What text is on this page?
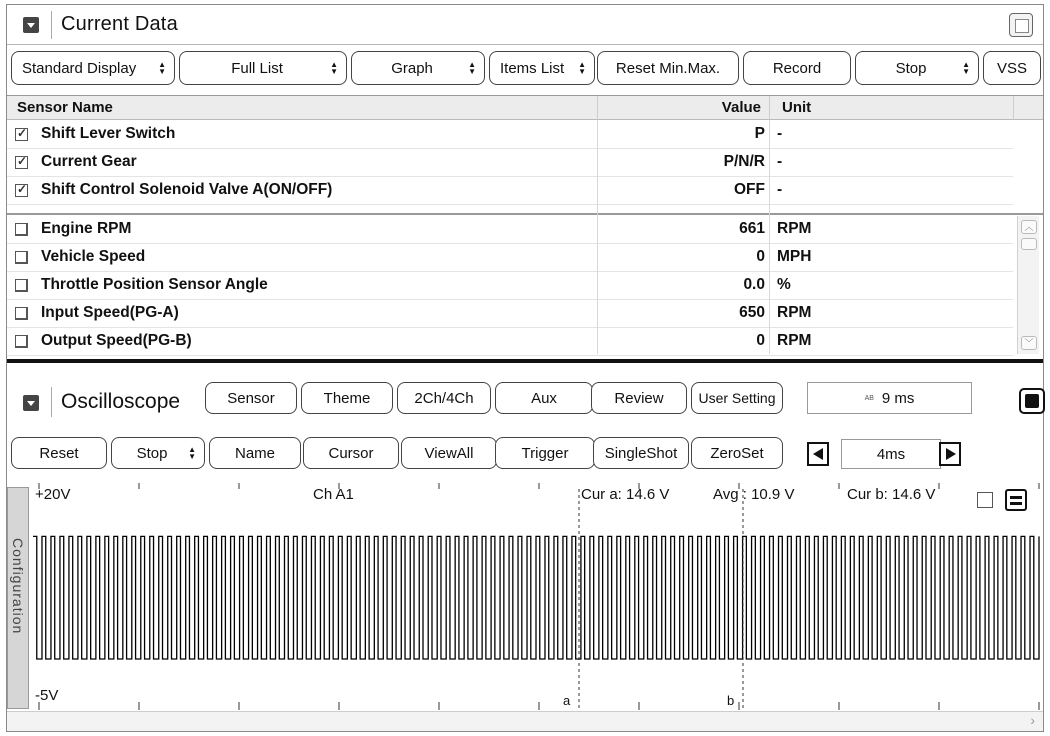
Current Data
Standard Display	▲
▼	Full List	▲
▼	Graph	▲
▼ Items List ▲
▼ Reset Min.Max.	Record	Stop	▲
▼ VSS
Sensor Name	Value	Unit
✓
Shift Lever Switch	P -
✓
Current Gear	P/N/R -
✓
Shift Control Solenoid Valve A(ON/OFF)	OFF -
Engine RPM	661 RPM
Vehicle Speed	0 MPH
Throttle Position Sensor Angle	0.0 %
Input Speed(PG-A)	650 RPM
Output Speed(PG-B)	0 RPM
︿
﹀
Oscilloscope	Sensor	Theme	2Ch/4Ch	Aux	Review User Setting	AB 9 ms
Reset	Stop	▲
▼	Name	Cursor	ViewAll	Trigger SingleShot ZeroSet	4ms
Configuration
+20V	Ch A1	Cur a: 14.6 V	Avg : 10.9 V	Cur b: 14.6 V
-5V	a	b
›
